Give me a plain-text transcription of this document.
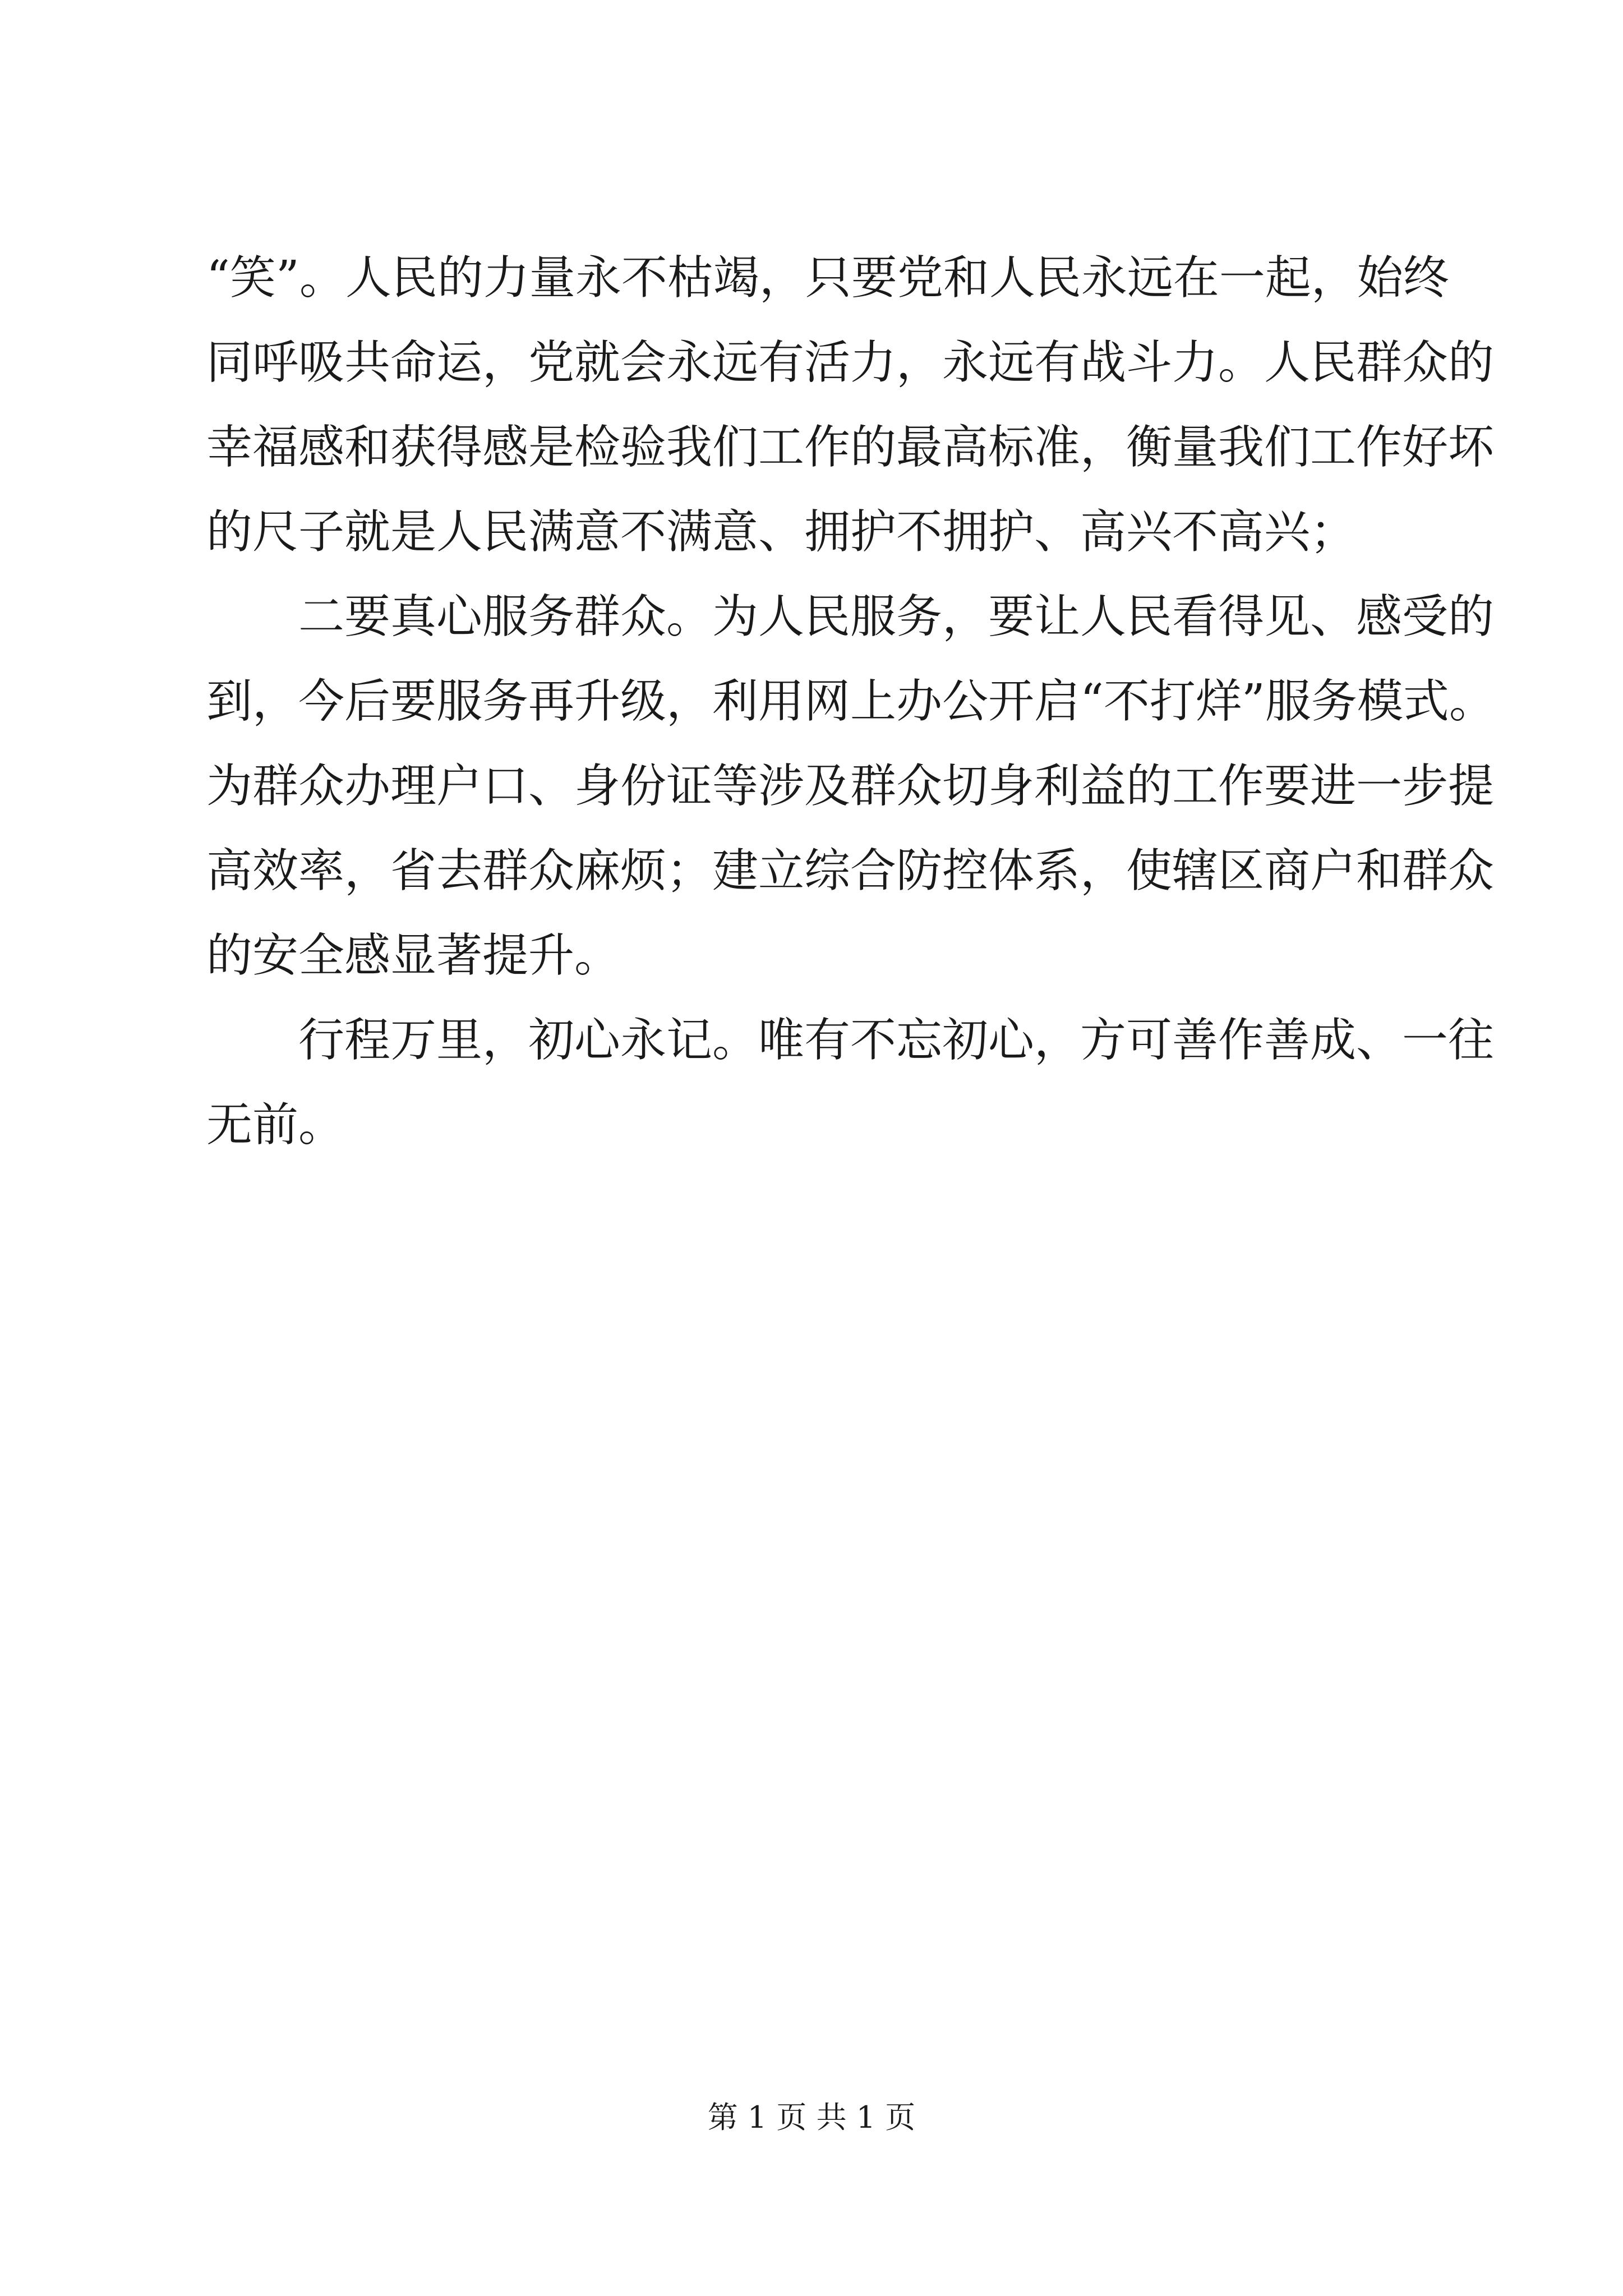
“笑”。人民的力量永不枯竭，只要党和人民永远在一起，始终
同呼吸共命运，党就会永远有活力，永远有战斗力。人民群众的
幸福感和获得感是检验我们工作的最高标准，衡量我们工作好坏
的尺子就是人民满意不满意、拥护不拥护、高兴不高兴；
二要真心服务群众。为人民服务，要让人民看得见、感受的
到，今后要服务再升级，利用网上办公开启“不打烊”服务模式。
为群众办理户口、身份证等涉及群众切身利益的工作要进一步提
高效率，省去群众麻烦；建立综合防控体系，使辖区商户和群众
的安全感显著提升。
行程万里，初心永记。唯有不忘初心，方可善作善成、一往
无前。
第 1 页 共 1 页
